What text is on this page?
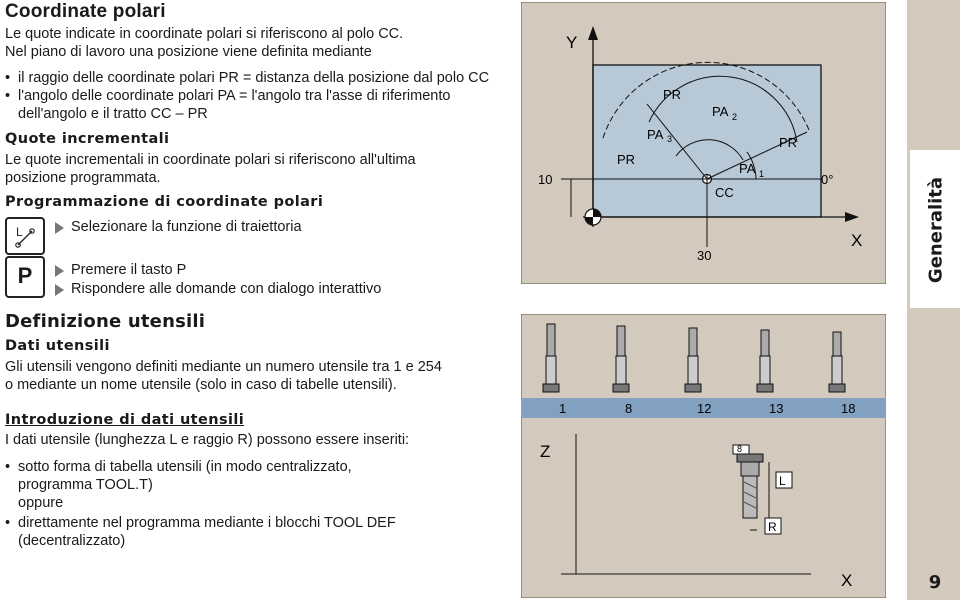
Coordinate polari
Le quote indicate in coordinate polari si riferiscono al polo CC.
Nel piano di lavoro una posizione viene definita mediante
• il raggio delle coordinate polari PR = distanza della posizione dal polo CC
• l'angolo delle coordinate polari PA = l'angolo tra l'asse di riferimento
dell'angolo e il tratto CC – PR
Quote incrementali
Le quote incrementali in coordinate polari si riferiscono all'ultima
posizione programmata.
Programmazione di coordinate polari
L	Selezionare la funzione di traiettoria
P	Premere il tasto P
Rispondere alle domande con dialogo interattivo
Definizione utensili
Dati utensili
Gli utensili vengono definiti mediante un numero utensile tra 1 e 254
o mediante un nome utensile (solo in caso di tabelle utensili).
Introduzione di dati utensili
I dati utensile (lunghezza L e raggio R) possono essere inseriti:
• sotto forma di tabella utensili (in modo centralizzato,
programma TOOL.T)
oppure
• direttamente nel programma mediante i blocchi TOOL DEF
(decentralizzato)
Y
X
10
30
0°
CC
PR
PR
PR
PA 3
PA 2
PA 1
1	8	12	13	18
Z
X
8
L
R
Generalità
9
